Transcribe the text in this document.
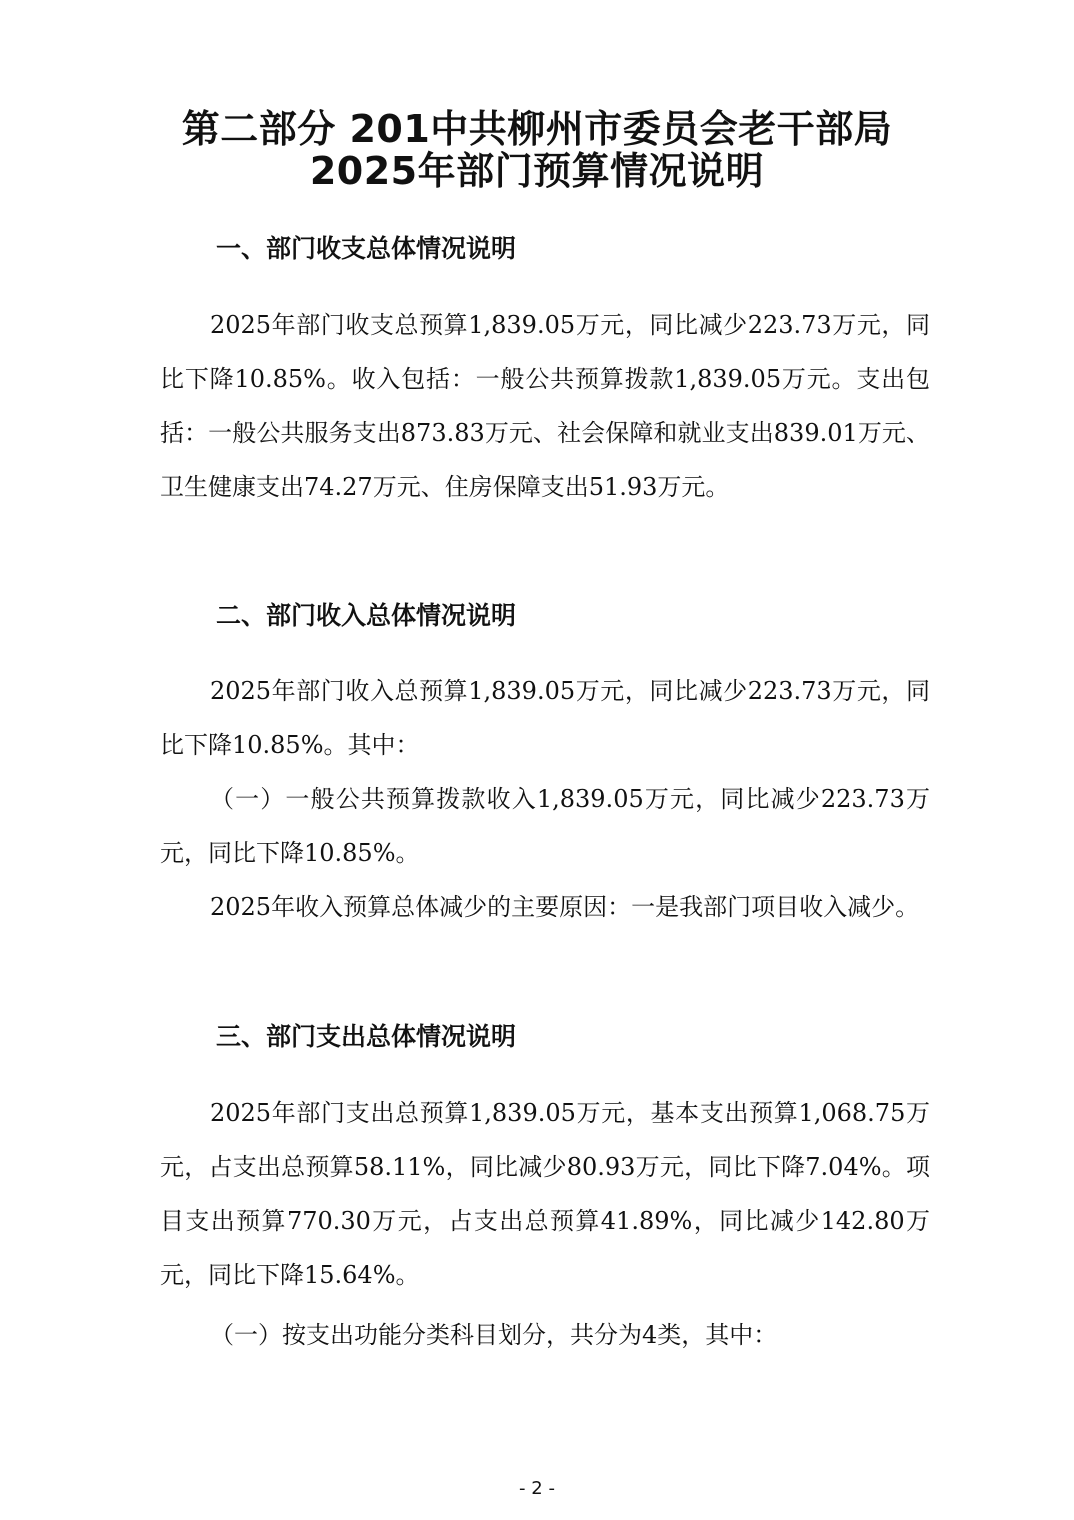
第二部分 201中共柳州市委员会老干部局
2025年部门预算情况说明
一、部门收支总体情况说明
2025年部门收支总预算1,839.05万元，同比减少223.73万元，同比下降10.85%。收入包括：一般公共预算拨款1,839.05万元。支出包括：一般公共服务支出873.83万元、社会保障和就业支出839.01万元、卫生健康支出74.27万元、住房保障支出51.93万元。
二、部门收入总体情况说明
2025年部门收入总预算1,839.05万元，同比减少223.73万元，同比下降10.85%。其中：
（一）一般公共预算拨款收入1,839.05万元，同比减少223.73万元，同比下降10.85%。
2025年收入预算总体减少的主要原因：一是我部门项目收入减少。
三、部门支出总体情况说明
2025年部门支出总预算1,839.05万元，基本支出预算1,068.75万元，占支出总预算58.11%，同比减少80.93万元，同比下降7.04%。项目支出预算770.30万元，占支出总预算41.89%，同比减少142.80万元，同比下降15.64%。
（一）按支出功能分类科目划分，共分为4类，其中：
- 2 -
